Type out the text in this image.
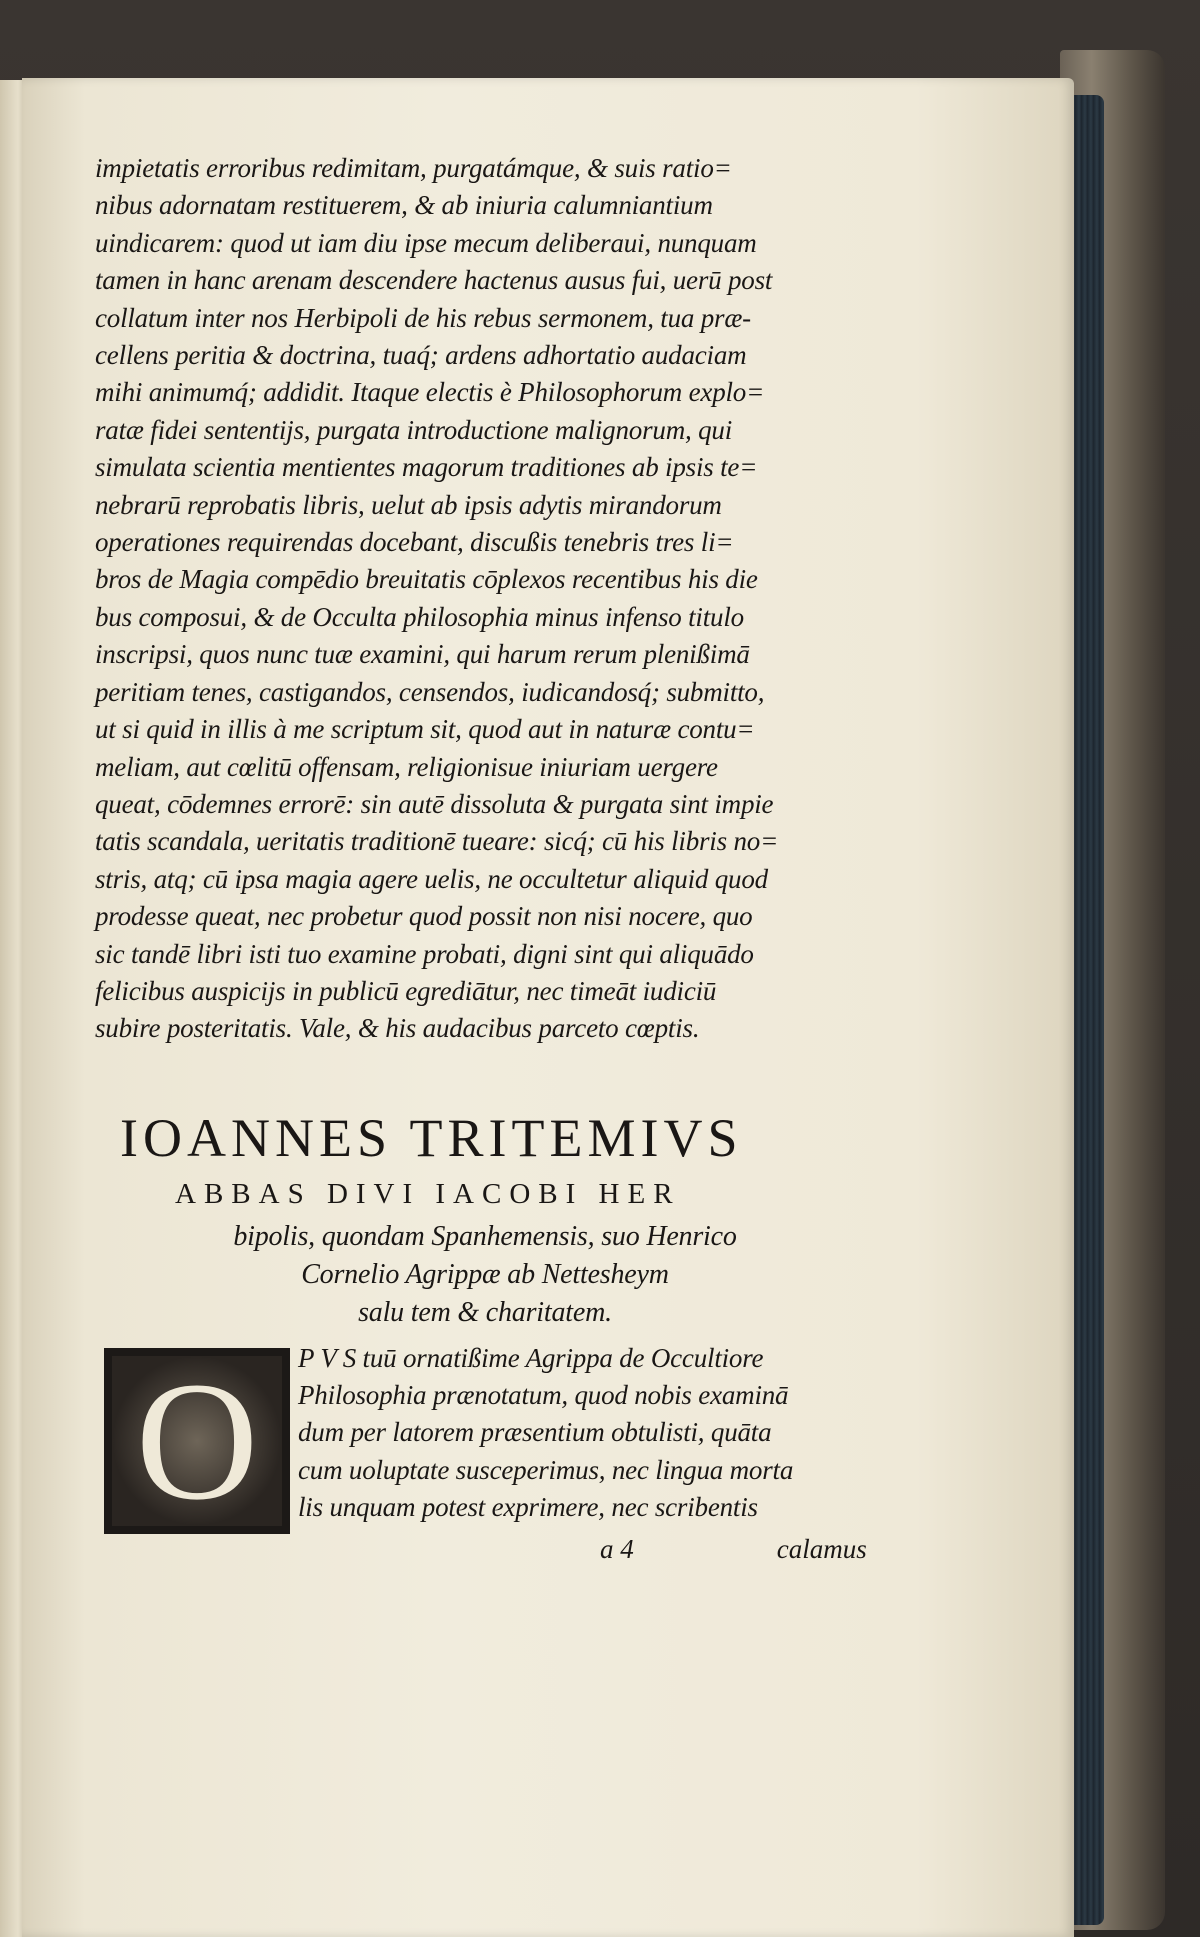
impietatis erroribus redimitam, purgatámque, & suis ratio=
nibus adornatam restituerem, & ab iniuria calumniantium
uindicarem: quod ut iam diu ipse mecum deliberaui, nunquam
tamen in hanc arenam descendere hactenus ausus fui, uerū post
collatum inter nos Herbipoli de his rebus sermonem, tua præ-
cellens peritia & doctrina, tuaq́; ardens adhortatio audaciam
mihi animumq́; addidit. Itaque electis è Philosophorum explo=
ratæ fidei sententijs, purgata introductione malignorum, qui
simulata scientia mentientes magorum traditiones ab ipsis te=
nebrarū reprobatis libris, uelut ab ipsis adytis mirandorum
operationes requirendas docebant, discußis tenebris tres li=
bros de Magia compēdio breuitatis cōplexos recentibus his die
bus composui, & de Occulta philosophia minus infenso titulo
inscripsi, quos nunc tuæ examini, qui harum rerum plenißimā
peritiam tenes, castigandos, censendos, iudicandosq́; submitto,
ut si quid in illis à me scriptum sit, quod aut in naturæ contu=
meliam, aut cœlitū offensam, religionisue iniuriam uergere
queat, cōdemnes errorē: sin autē dissoluta & purgata sint impie
tatis scandala, ueritatis traditionē tueare: sicq́; cū his libris no=
stris, atq; cū ipsa magia agere uelis, ne occultetur aliquid quod
prodesse queat, nec probetur quod possit non nisi nocere, quo
sic tandē libri isti tuo examine probati, digni sint qui aliquādo
felicibus auspicijs in publicū egrediātur, nec timeāt iudiciū
subire posteritatis. Vale, & his audacibus parceto cœptis.
IOANNES TRITEMIVS
ABBAS DIVI IACOBI HER
bipolis, quondam Spanhemensis, suo Henrico
Cornelio Agrippæ ab Nettesheym
salu tem & charitatem.
O	P V S tuū ornatißime Agrippa de Occultiore
Philosophia prænotatum, quod nobis examinā
dum per latorem præsentium obtulisti, quāta
cum uoluptate susceperimus, nec lingua morta
lis unquam potest exprimere, nec scribentis
a 4	calamus
